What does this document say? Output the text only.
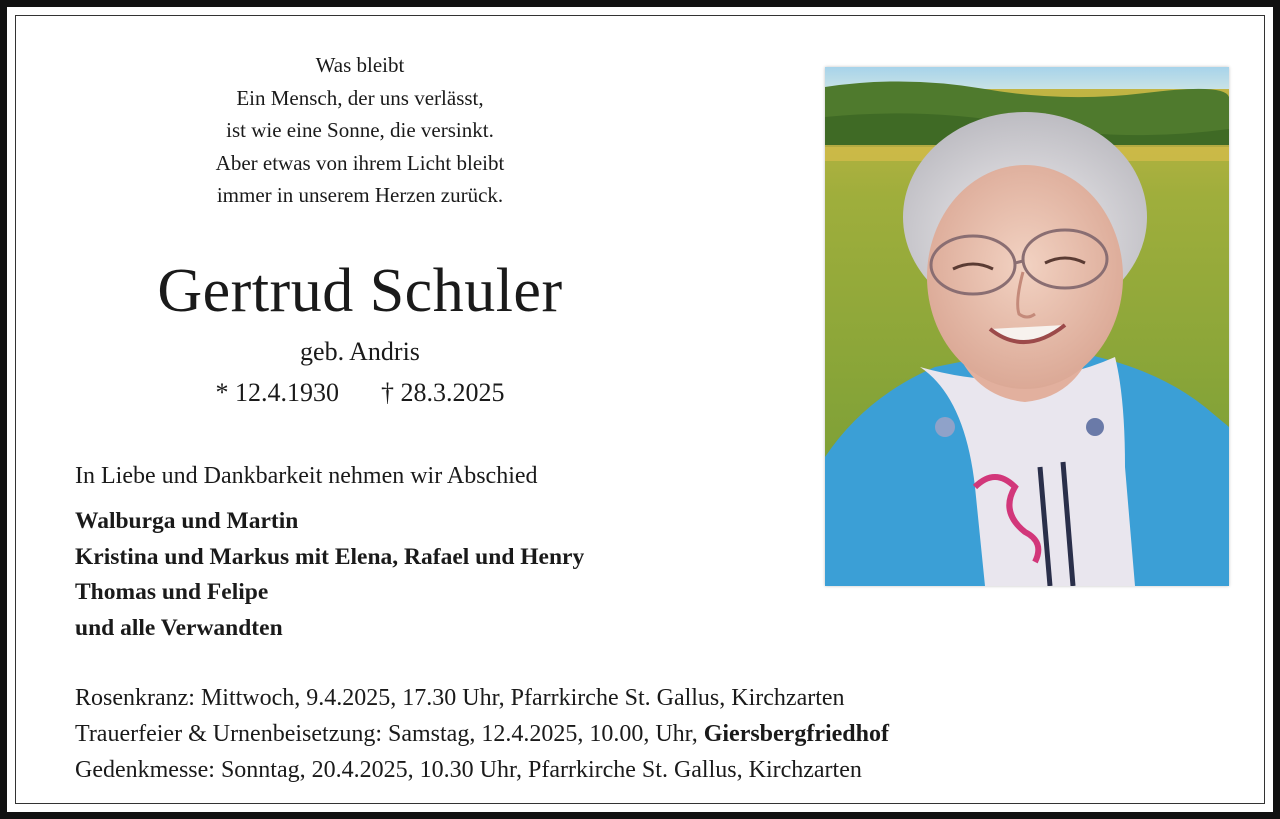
Was bleibt
Ein Mensch, der uns verlässt,
ist wie eine Sonne, die versinkt.
Aber etwas von ihrem Licht bleibt
immer in unserem Herzen zurück.
Gertrud Schuler
geb. Andris
* 12.4.1930 † 28.3.2025
In Liebe und Dankbarkeit nehmen wir Abschied
Walburga und Martin
Kristina und Markus mit Elena, Rafael und Henry
Thomas und Felipe
und alle Verwandten
Rosenkranz: Mittwoch, 9.4.2025, 17.30 Uhr, Pfarrkirche St. Gallus, Kirchzarten
Trauerfeier & Urnenbeisetzung: Samstag, 12.4.2025, 10.00, Uhr, Giersbergfriedhof
Gedenkmesse: Sonntag, 20.4.2025, 10.30 Uhr, Pfarrkirche St. Gallus, Kirchzarten
